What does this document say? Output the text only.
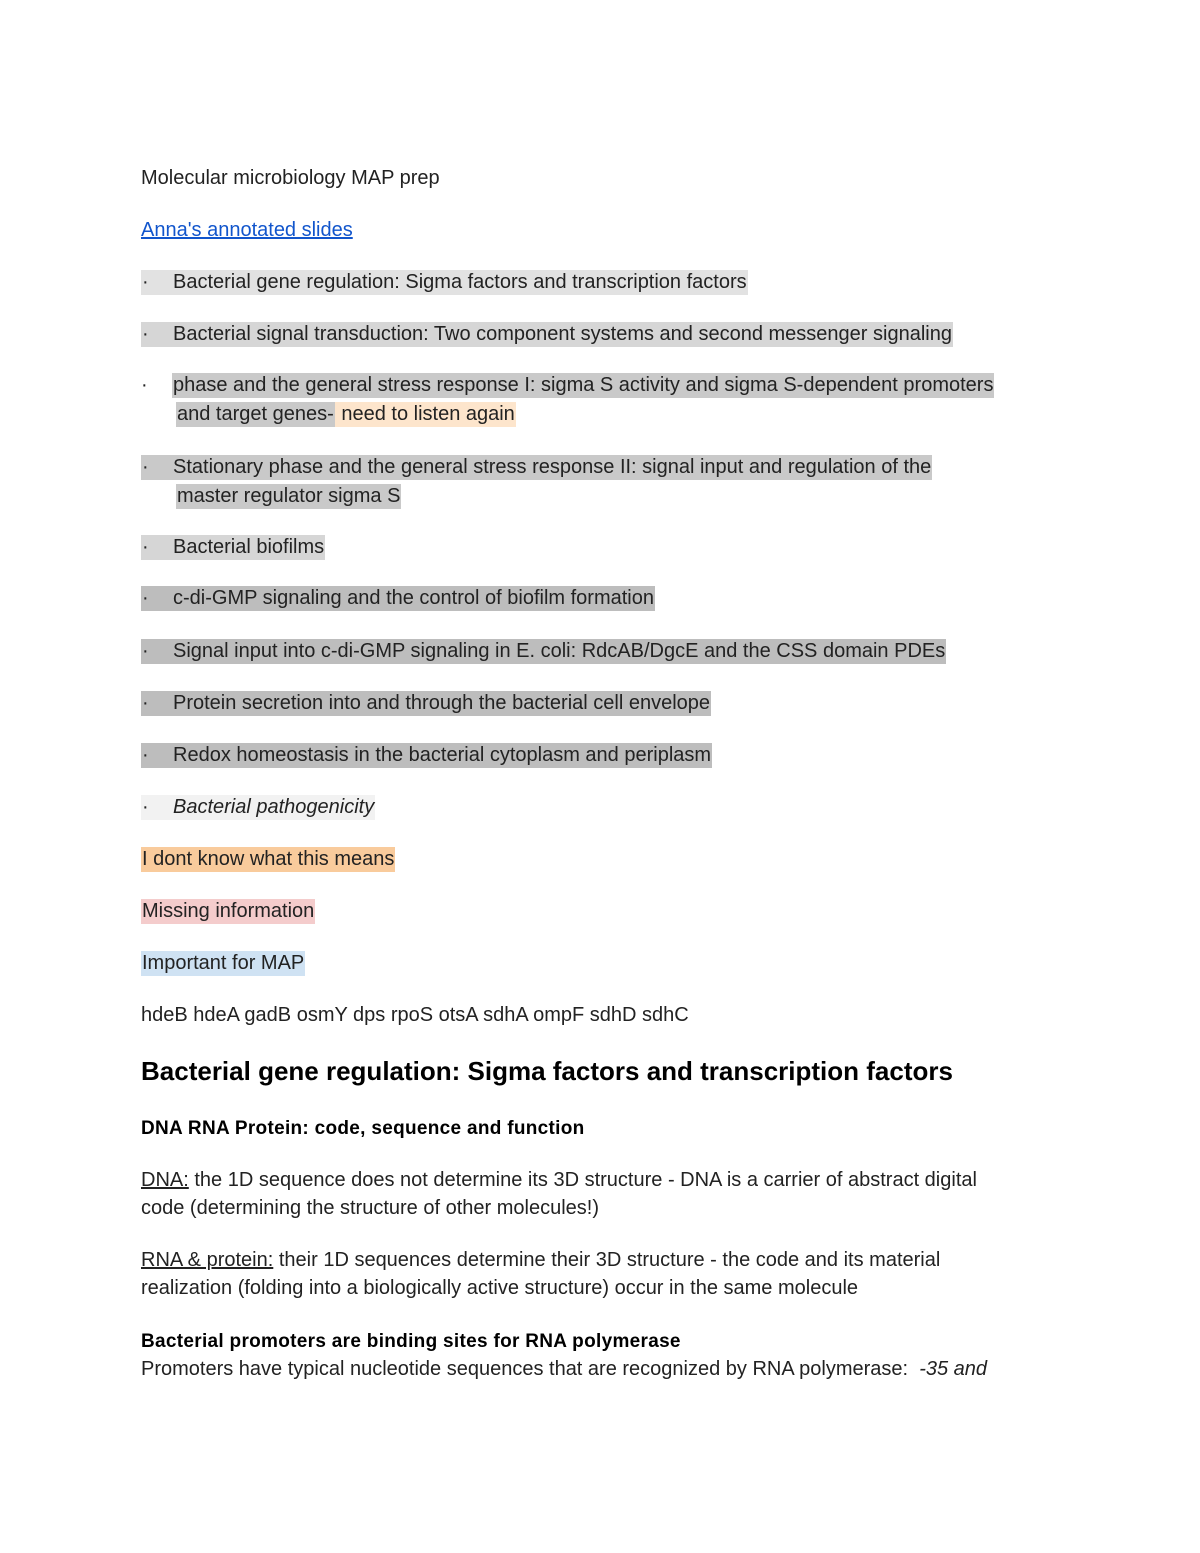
Molecular microbiology MAP prep
Anna's annotated slides
· Bacterial gene regulation: Sigma factors and transcription factors
· Bacterial signal transduction: Two component systems and second messenger signaling
· phase and the general stress response I: sigma S activity and sigma S-dependent promoters
and target genes- need to listen again
· Stationary phase and the general stress response II: signal input and regulation of the
master regulator sigma S
· Bacterial biofilms
· c-di-GMP signaling and the control of biofilm formation
· Signal input into c-di-GMP signaling in E. coli: RdcAB/DgcE and the CSS domain PDEs
· Protein secretion into and through the bacterial cell envelope
· Redox homeostasis in the bacterial cytoplasm and periplasm
· Bacterial pathogenicity
I dont know what this means
Missing information
Important for MAP
hdeB hdeA gadB osmY dps rpoS otsA sdhA ompF sdhD sdhC
Bacterial gene regulation: Sigma factors and transcription factors
DNA RNA Protein: code, sequence and function
DNA: the 1D sequence does not determine its 3D structure - DNA is a carrier of abstract digital
code (determining the structure of other molecules!)
RNA & protein: their 1D sequences determine their 3D structure - the code and its material
realization (folding into a biologically active structure) occur in the same molecule
Bacterial promoters are binding sites for RNA polymerase
Promoters have typical nucleotide sequences that are recognized by RNA polymerase:  -35 and
